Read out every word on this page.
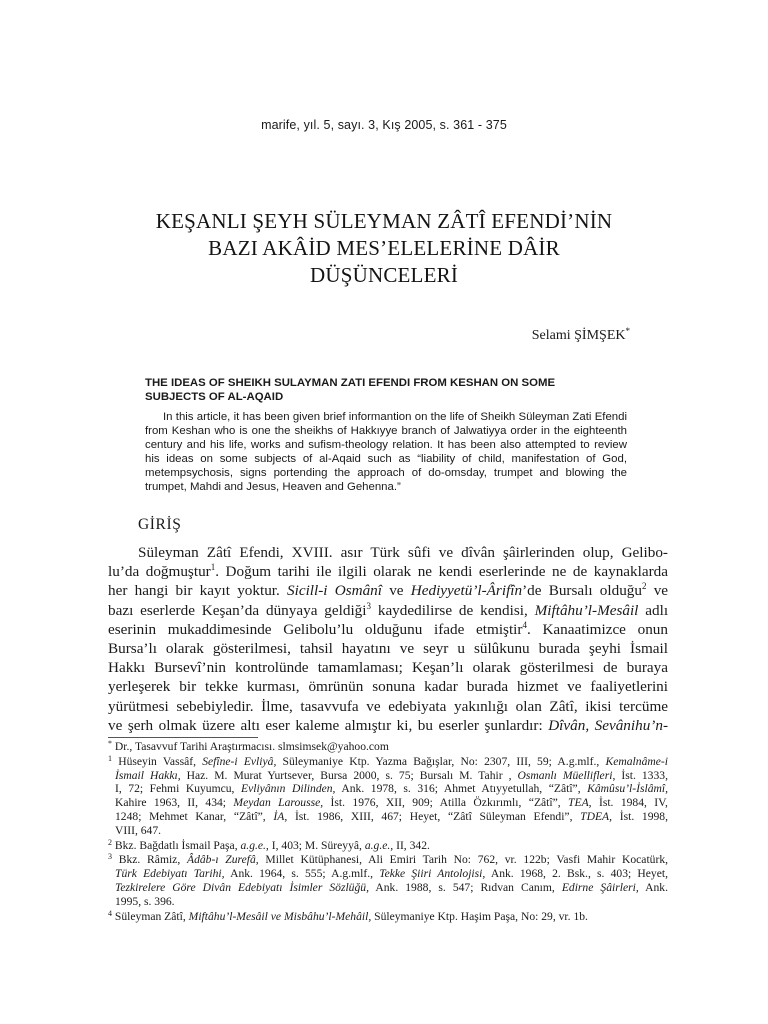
marife, yıl. 5, sayı. 3, Kış 2005, s. 361 - 375
KEŞANLI ŞEYH SÜLEYMAN ZÂTÎ EFENDİ’NİN
BAZI AKÂİD MES’ELELERİNE DÂİR
DÜŞÜNCELERİ
Selami ŞİMŞEK*

THE IDEAS OF SHEIKH SULAYMAN ZATI EFENDI FROM KESHAN ON SOME
SUBJECTS OF AL-AQAID

In this article, it has been given brief informantion on the life of Sheikh Süleyman Zati Efendi from Keshan who is one the sheikhs of Hakkıyye branch of Jalwatiyya order in the eighteenth century and his life, works and sufism-theology relation. It has been also attempted to review his ideas on some subjects of al-Aqaid such as “liability of child, manifestation of God, metempsychosis, signs portending the approach of do-omsday, trumpet and blowing the trumpet, Mahdi and Jesus, Heaven and Gehenna.”

GİRİŞ
Süleyman Zâtî Efendi, XVIII. asır Türk sûfi ve dîvân şâirlerinden olup, Gelibo-
lu’da doğmuştur$^1$. Doğum tarihi ile ilgili olarak ne kendi eserlerinde ne de kaynaklarda
her hangi bir kayıt yoktur. Sicill-i Osmânî ve Hediyyetü’l-Ârifîn’de Bursalı olduğu$^2$ ve
bazı eserlerde Keşan’da dünyaya geldiği$^3$ kaydedilirse de kendisi, Miftâhu’l-Mesâil adlı
eserinin mukaddimesinde Gelibolu’lu olduğunu ifade etmiştir$^4$. Kanaatimizce onun
Bursa’lı olarak gösterilmesi, tahsil hayatını ve seyr u sülûkunu burada şeyhi İsmail
Hakkı Bursevî’nin kontrolünde tamamlaması; Keşan’lı olarak gösterilmesi de buraya
yerleşerek bir tekke kurması, ömrünün sonuna kadar burada hizmet ve faaliyetlerini
yürütmesi sebebiyledir. İlme, tasavvufa ve edebiyata yakınlığı olan Zâtî, ikisi tercüme
ve şerh olmak üzere altı eser kaleme almıştır ki, bu eserler şunlardır: Dîvân, Sevânihu’n-
* Dr., Tasavvuf Tarihi Araştırmacısı. slmsimsek@yahoo.com
$^1$ Hüseyin Vassâf, Sefîne-i Evliyâ, Süleymaniye Ktp. Yazma Bağışlar, No: 2307, III, 59; A.g.mlf., Kemalnâme-i
İsmail Hakkı, Haz. M. Murat Yurtsever, Bursa 2000, s. 75; Bursalı M. Tahir , Osmanlı Müellifleri, İst. 1333,
I, 72; Fehmi Kuyumcu, Evliyânın Dilinden, Ank. 1978, s. 316; Ahmet Atıyyetullah, “Zâtî”, Kâmûsu’l-İslâmî,
Kahire 1963, II, 434; Meydan Larousse, İst. 1976, XII, 909; Atilla Özkırımlı, “Zâtî”, TEA, İst. 1984, IV,
1248; Mehmet Kanar, “Zâtî”, İA, İst. 1986, XIII, 467; Heyet, “Zâtî Süleyman Efendi”, TDEA, İst. 1998,
VIII, 647.
$^2$ Bkz. Bağdatlı İsmail Paşa, a.g.e., I, 403; M. Süreyyâ, a.g.e., II, 342.
$^3$ Bkz. Râmiz, Âdâb-ı Zurefâ, Millet Kütüphanesi, Ali Emiri Tarih No: 762, vr. 122b; Vasfi Mahir Kocatürk,
Türk Edebiyatı Tarihi, Ank. 1964, s. 555; A.g.mlf., Tekke Şiiri Antolojisi, Ank. 1968, 2. Bsk., s. 403; Heyet,
Tezkirelere Göre Divân Edebiyatı İsimler Sözlüğü, Ank. 1988, s. 547; Rıdvan Canım, Edirne Şâirleri, Ank.
1995, s. 396.
$^4$ Süleyman Zâtî, Miftâhu’l-Mesâil ve Misbâhu’l-Mehâil, Süleymaniye Ktp. Haşim Paşa, No: 29, vr. 1b.
